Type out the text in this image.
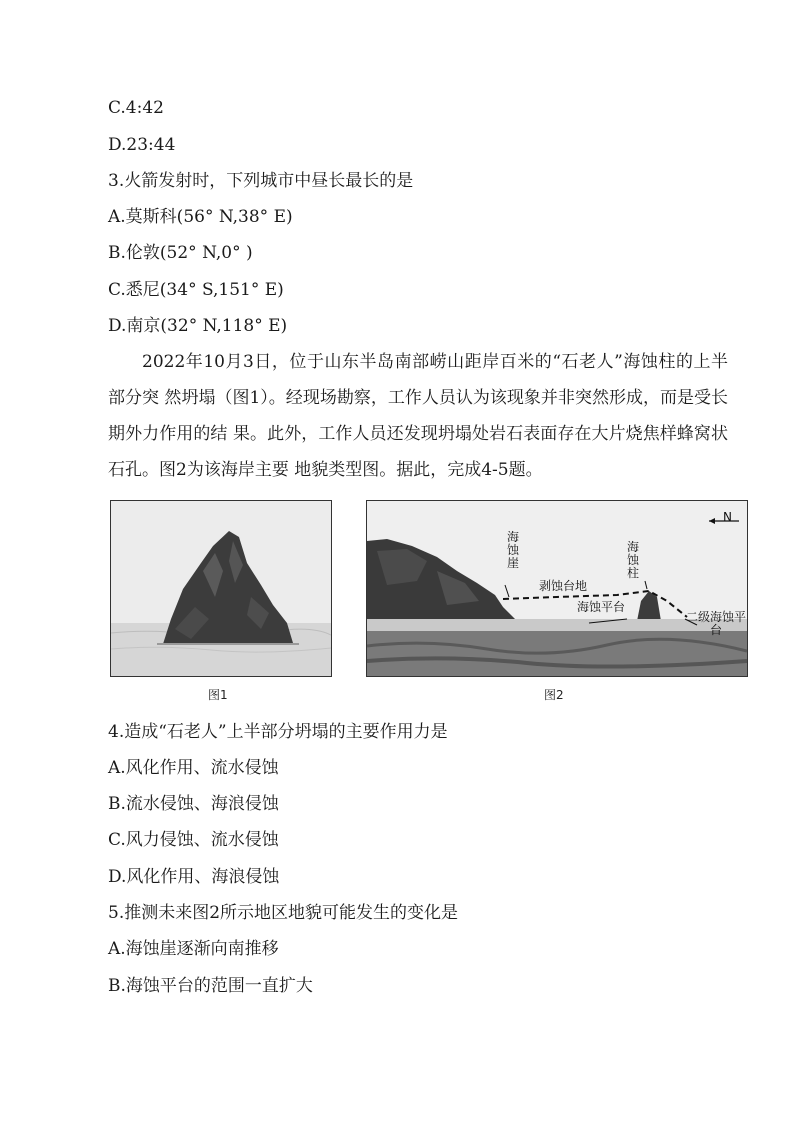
C.4:42
D.23:44
3.火箭发射时，下列城市中昼长最长的是
A.莫斯科(56° N,38° E)
B.伦敦(52° N,0° )
C.悉尼(34° S,151° E)
D.南京(32° N,118° E)
2022年10月3日，位于山东半岛南部崂山距岸百米的“石老人”海蚀柱的上半部分突 然坍塌（图1）。经现场勘察，工作人员认为该现象并非突然形成，而是受长期外力作用的结 果。此外，工作人员还发现坍塌处岩石表面存在大片烧焦样蜂窝状石孔。图2为该海岸主要 地貌类型图。据此，完成4-5题。
图1
N
海蚀崖
海蚀柱
剥蚀台地
海蚀平台
二级海蚀平台
图2
4.造成“石老人”上半部分坍塌的主要作用力是
A.风化作用、流水侵蚀
B.流水侵蚀、海浪侵蚀
C.风力侵蚀、流水侵蚀
D.风化作用、海浪侵蚀
5.推测未来图2所示地区地貌可能发生的变化是
A.海蚀崖逐渐向南推移
B.海蚀平台的范围一直扩大
